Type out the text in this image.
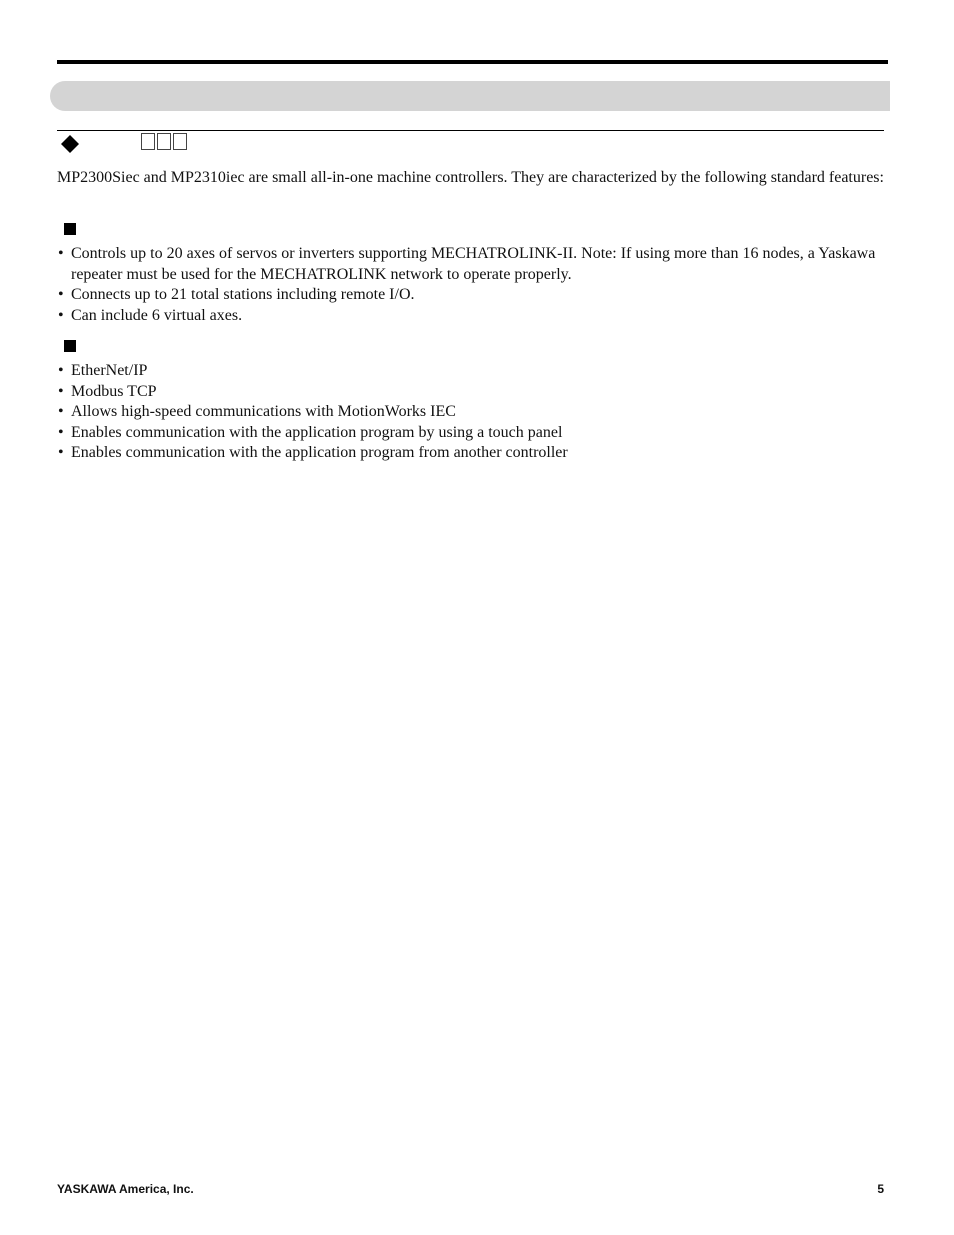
MP2300Siec and MP2310iec are small all-in-one machine controllers. They are characterized by the following standard features:

• Controls up to 20 axes of servos or inverters supporting MECHATROLINK-II. Note: If using more than 16 nodes, a Yaskawa repeater must be used for the MECHATROLINK network to operate properly.
• Connects up to 21 total stations including remote I/O.
• Can include 6 virtual axes.
• EtherNet/IP
• Modbus TCP
• Allows high-speed communications with MotionWorks IEC
• Enables communication with the application program by using a touch panel
• Enables communication with the application program from another controller
YASKAWA America, Inc.	5
